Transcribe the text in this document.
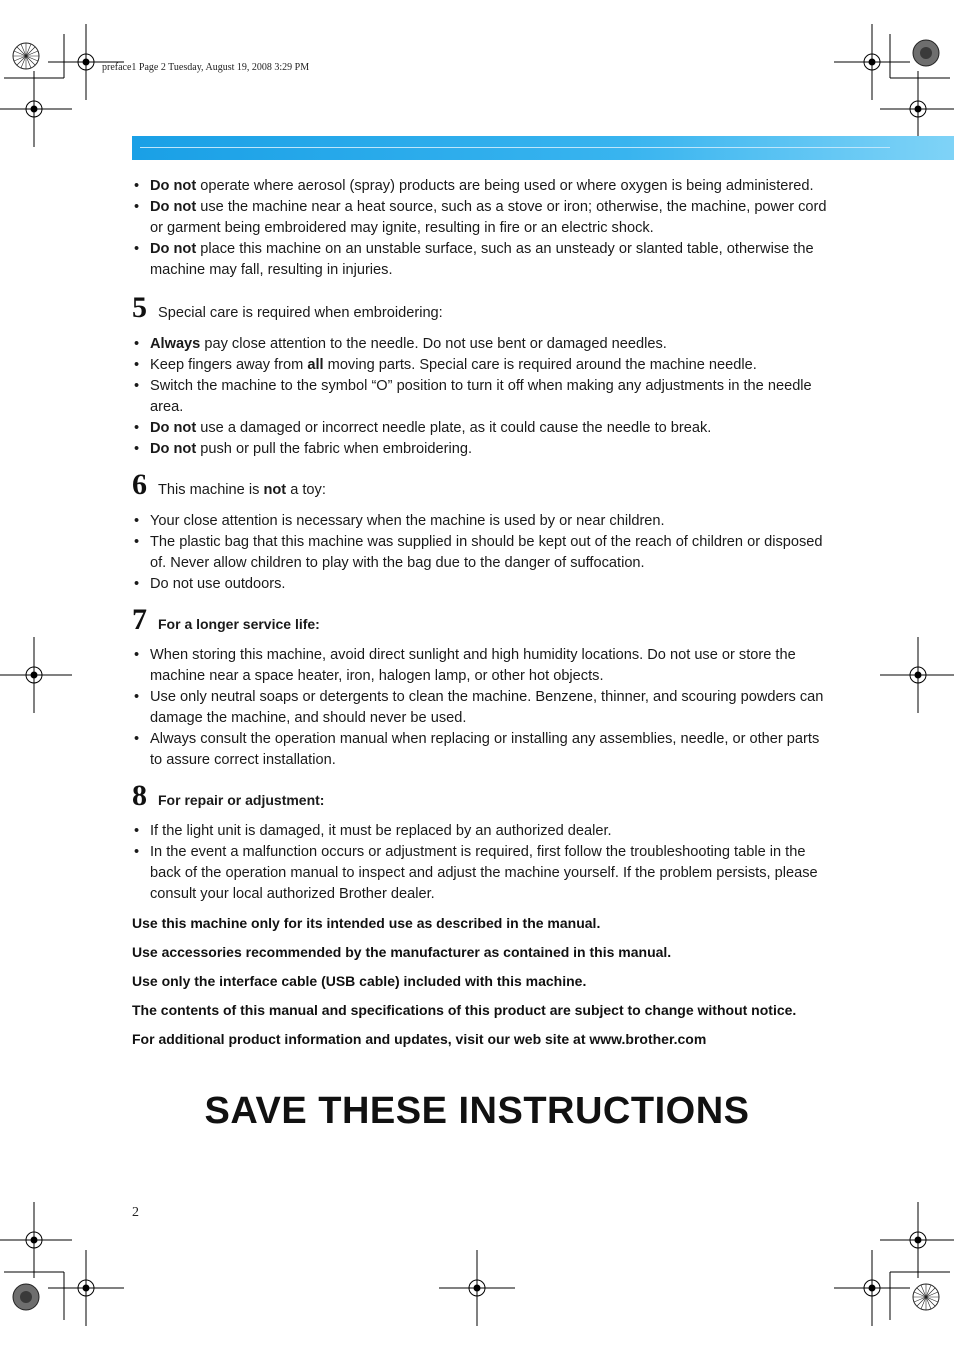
preface1 Page 2 Tuesday, August 19, 2008 3:29 PM
• Do not operate where aerosol (spray) products are being used or where oxygen is being administered.
• Do not use the machine near a heat source, such as a stove or iron; otherwise, the machine, power cord or garment being embroidered may ignite, resulting in fire or an electric shock.
• Do not place this machine on an unstable surface, such as an unsteady or slanted table, otherwise the machine may fall, resulting in injuries.
5 Special care is required when embroidering:
• Always pay close attention to the needle. Do not use bent or damaged needles.
• Keep fingers away from all moving parts. Special care is required around the machine needle.
• Switch the machine to the symbol “O” position to turn it off when making any adjustments in the needle area.
• Do not use a damaged or incorrect needle plate, as it could cause the needle to break.
• Do not push or pull the fabric when embroidering.
6 This machine is not a toy:
• Your close attention is necessary when the machine is used by or near children.
• The plastic bag that this machine was supplied in should be kept out of the reach of children or disposed of. Never allow children to play with the bag due to the danger of suffocation.
• Do not use outdoors.
7 For a longer service life:
• When storing this machine, avoid direct sunlight and high humidity locations. Do not use or store the machine near a space heater, iron, halogen lamp, or other hot objects.
• Use only neutral soaps or detergents to clean the machine. Benzene, thinner, and scouring powders can damage the machine, and should never be used.
• Always consult the operation manual when replacing or installing any assemblies, needle, or other parts to assure correct installation.
8 For repair or adjustment:
• If the light unit is damaged, it must be replaced by an authorized dealer.
• In the event a malfunction occurs or adjustment is required, first follow the troubleshooting table in the back of the operation manual to inspect and adjust the machine yourself. If the problem persists, please consult your local authorized Brother dealer.

Use this machine only for its intended use as described in the manual.

Use accessories recommended by the manufacturer as contained in this manual.

Use only the interface cable (USB cable) included with this machine.

The contents of this manual and specifications of this product are subject to change without notice.

For additional product information and updates, visit our web site at www.brother.com

SAVE THESE INSTRUCTIONS
2
